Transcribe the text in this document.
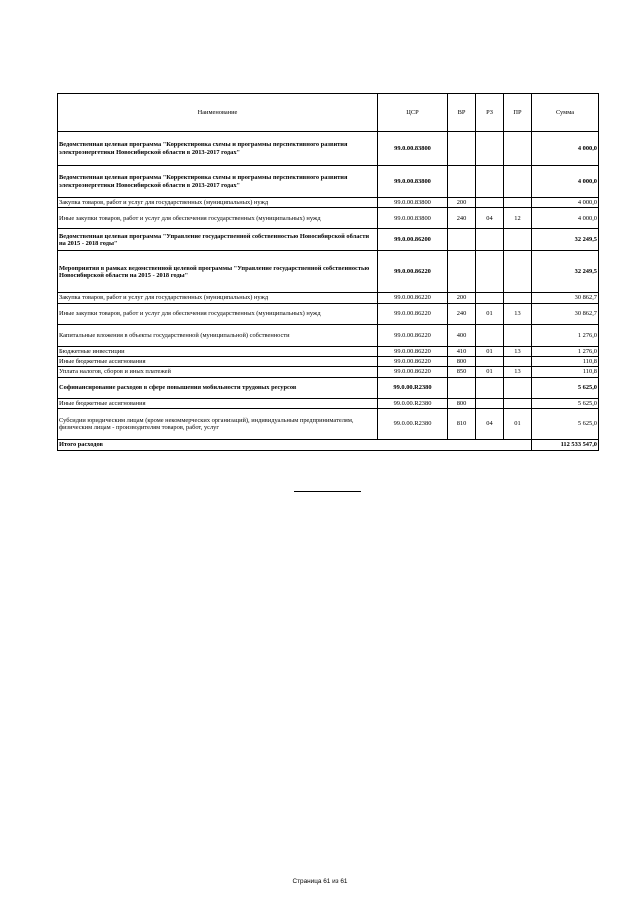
Наименование	ЦСР	ВР	РЗ	ПР	Сумма
Ведомственная целевая программа "Корректировка схемы и программы перспективного развития электроэнергетики Новосибирской области в 2013-2017 годах"	99.0.00.83800				4 000,0
Ведомственная целевая программа "Корректировка схемы и программы перспективного развития электроэнергетики Новосибирской области в 2013-2017 годах"	99.0.00.83800				4 000,0
Закупка товаров, работ и услуг для государственных (муниципальных) нужд	99.0.00.83800	200			4 000,0
Иные закупки товаров, работ и услуг для обеспечения государственных (муниципальных) нужд	99.0.00.83800	240	04	12	4 000,0
Ведомственная целевая программа "Управление государственной собственностью Новосибирской области на 2015 - 2018 годы"	99.0.00.86200				32 249,5
Мероприятия в рамках ведомственной целевой программы "Управление государственной собственностью Новосибирской области на 2015 - 2018 годы"	99.0.00.86220				32 249,5
Закупка товаров, работ и услуг для государственных (муниципальных) нужд	99.0.00.86220	200			30 862,7
Иные закупки товаров, работ и услуг для обеспечения государственных (муниципальных) нужд	99.0.00.86220	240	01	13	30 862,7
Капитальные вложения в объекты государственной (муниципальной) собственности	99.0.00.86220	400			1 276,0
Бюджетные инвестиции	99.0.00.86220	410	01	13	1 276,0
Иные бюджетные ассигнования	99.0.00.86220	800			110,8
Уплата налогов, сборов и иных платежей	99.0.00.86220	850	01	13	110,8
Софинансирование расходов в сфере повышения мобильности трудовых ресурсов	99.0.00.R2380				5 625,0
Иные бюджетные ассигнования	99.0.00.R2380	800			5 625,0
Субсидии юридическим лицам (кроме некоммерческих организаций), индивидуальным предпринимателям, физическим лицам - производителям товаров, работ, услуг	99.0.00.R2380	810	04	01	5 625,0
Итого расходов					112 533 547,0
Страница 61 из 61
